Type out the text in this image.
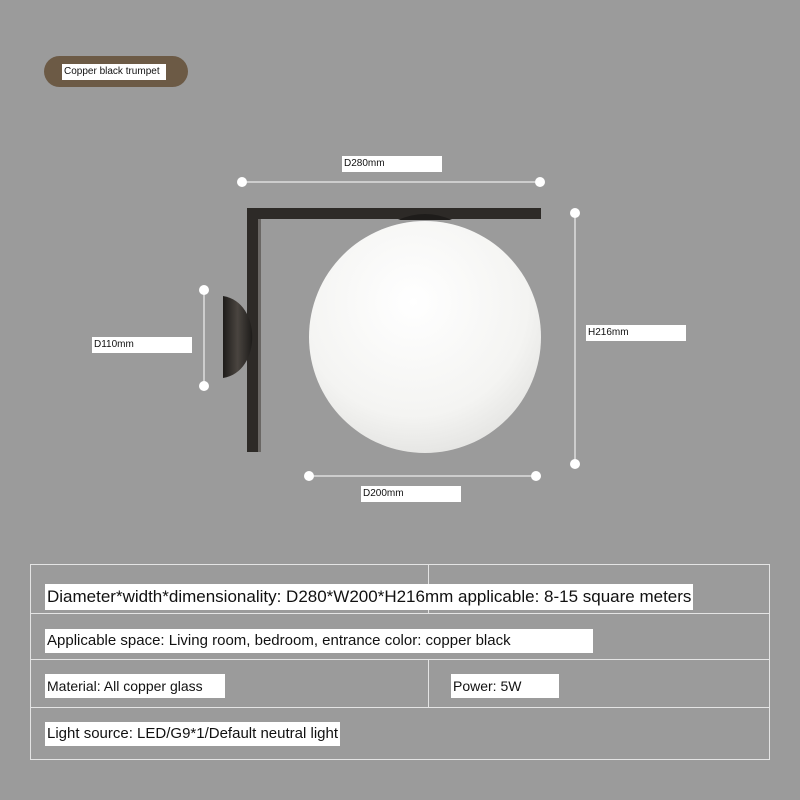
Copper black trumpet
D280mm
H216mm
D110mm
D200mm
Diameter*width*dimensionality: D280*W200*H216mm applicable: 8-15 square meters
Applicable space: Living room, bedroom, entrance color: copper black
Material: All copper glass	Power: 5W
Light source: LED/G9*1/Default neutral light
